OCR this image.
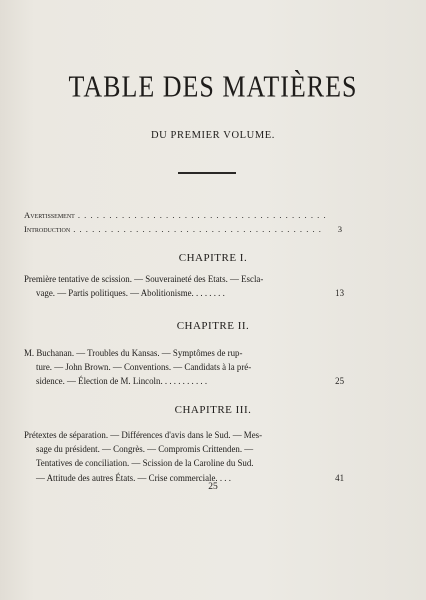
TABLE DES MATIÈRES
DU PREMIER VOLUME.
Avertissement . . . . . . . . . . . . . . . . . . . . . . . . . . . . . . . . . . . . . . . .
Introduction . . . . . . . . . . . . . . . . . . . . . . . . . . . . . . . . . . . . . . . .	3
CHAPITRE I.
Première tentative de scission. — Souveraineté des Etats. — Escla-
vage. — Partis politiques. — Abolitionisme. . . . . . . .	13
CHAPITRE II.
M. Buchanan. — Troubles du Kansas. — Symptômes de rup-
ture. — John Brown. — Conventions. — Candidats à la pré-
sidence. — Élection de M. Lincoln. . . . . . . . . . .	25
CHAPITRE III.
Prétextes de séparation. — Différences d'avis dans le Sud. — Mes-
sage du président. — Congrès. — Compromis Crittenden. —
Tentatives de conciliation. — Scission de la Caroline du Sud.
— Attitude des autres États. — Crise commerciale. . . .	41
25
